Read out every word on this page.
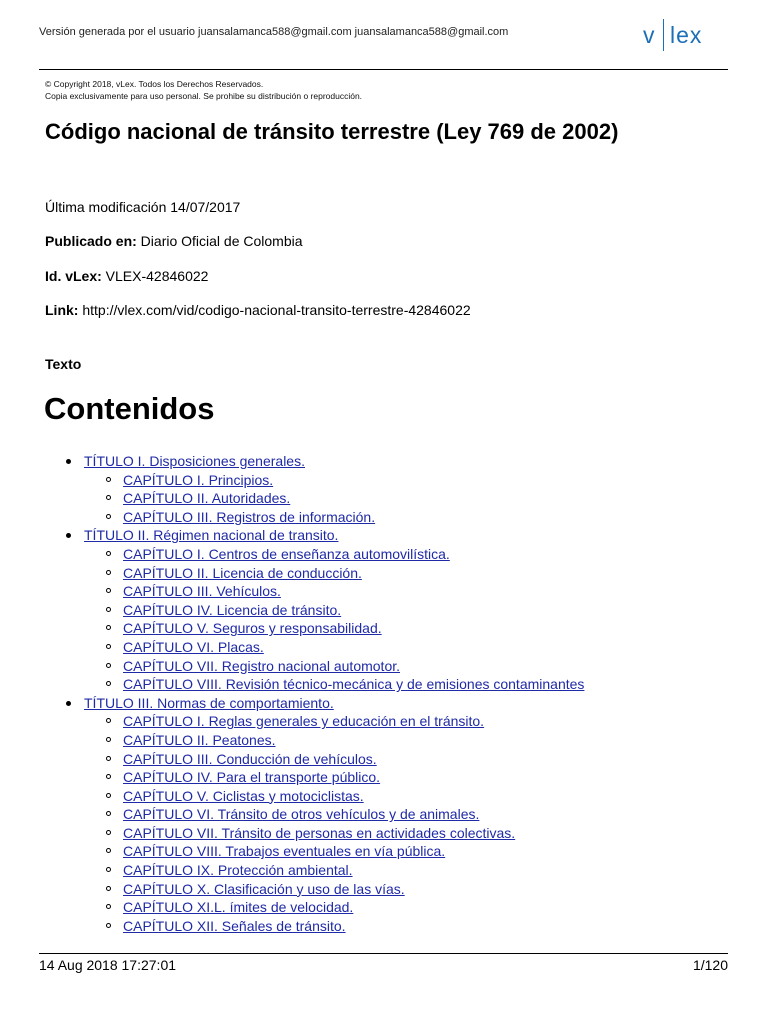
Versión generada por el usuario juansalamanca588@gmail.com juansalamanca588@gmail.com	v lex
© Copyright 2018, vLex. Todos los Derechos Reservados.
Copia exclusivamente para uso personal. Se prohibe su distribución o reproducción.
Código nacional de tránsito terrestre (Ley 769 de 2002)
Última modificación 14/07/2017
Publicado en: Diario Oficial de Colombia
Id. vLex: VLEX-42846022
Link: http://vlex.com/vid/codigo-nacional-transito-terrestre-42846022
Texto
Contenidos
TÍTULO I. Disposiciones generales.
CAPÍTULO I. Principios.
CAPÍTULO II. Autoridades.
CAPÍTULO III. Registros de información.
TÍTULO II. Régimen nacional de transito.
CAPÍTULO I. Centros de enseñanza automovilística.
CAPÍTULO II. Licencia de conducción.
CAPÍTULO III. Vehículos.
CAPÍTULO IV. Licencia de tránsito.
CAPÍTULO V. Seguros y responsabilidad.
CAPÍTULO VI. Placas.
CAPÍTULO VII. Registro nacional automotor.
CAPÍTULO VIII. Revisión técnico-mecánica y de emisiones contaminantes
TÍTULO III. Normas de comportamiento.
CAPÍTULO I. Reglas generales y educación en el tránsito.
CAPÍTULO II. Peatones.
CAPÍTULO III. Conducción de vehículos.
CAPÍTULO IV. Para el transporte público.
CAPÍTULO V. Ciclistas y motociclistas.
CAPÍTULO VI. Tránsito de otros vehículos y de animales.
CAPÍTULO VII. Tránsito de personas en actividades colectivas.
CAPÍTULO VIII. Trabajos eventuales en vía pública.
CAPÍTULO IX. Protección ambiental.
CAPÍTULO X. Clasificación y uso de las vías.
CAPÍTULO XI.L. ímites de velocidad.
CAPÍTULO XII. Señales de tránsito.
14 Aug 2018 17:27:01	1/120
